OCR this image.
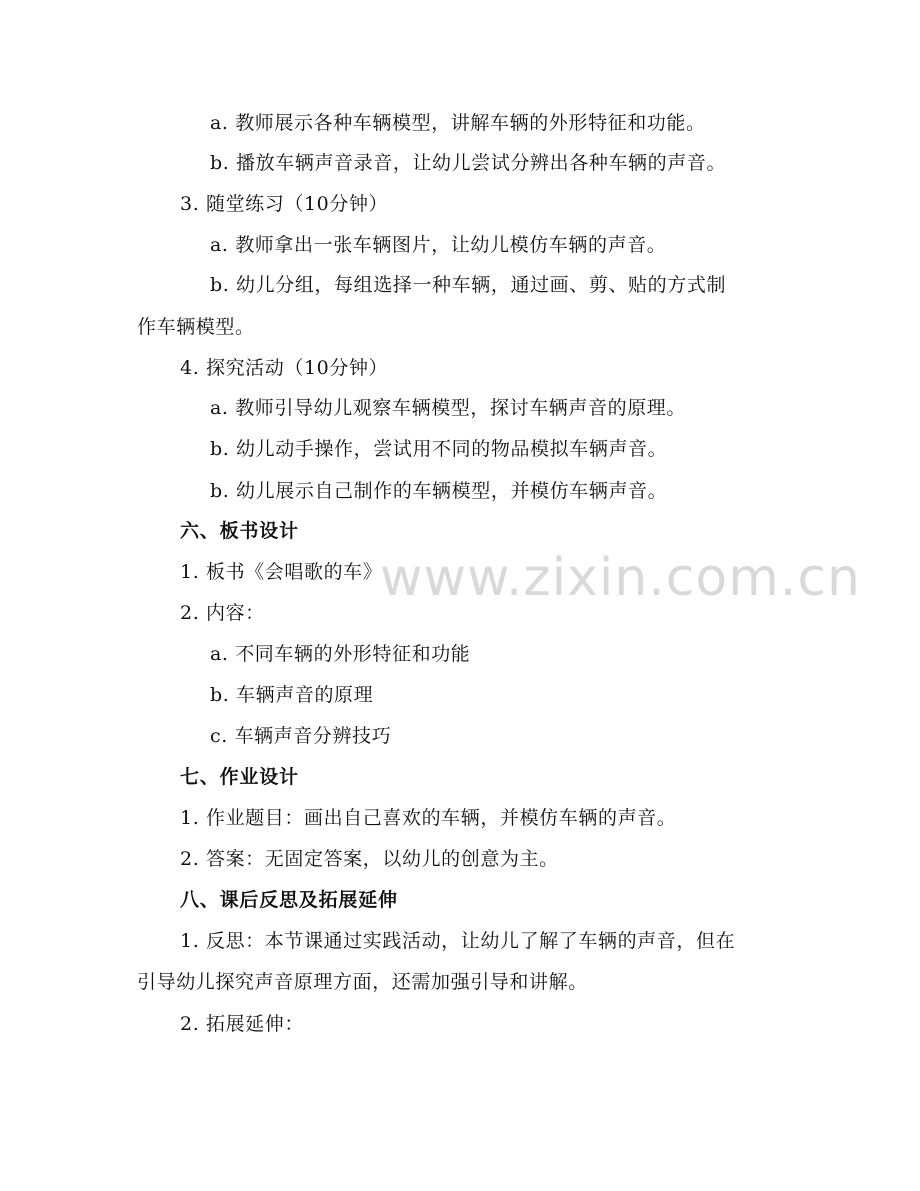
www.zixin.com.cn
a. 教师展示各种车辆模型，讲解车辆的外形特征和功能。
b. 播放车辆声音录音，让幼儿尝试分辨出各种车辆的声音。
3. 随堂练习（10分钟）
a. 教师拿出一张车辆图片，让幼儿模仿车辆的声音。
b. 幼儿分组，每组选择一种车辆，通过画、剪、贴的方式制
作车辆模型。
4. 探究活动（10分钟）
a. 教师引导幼儿观察车辆模型，探讨车辆声音的原理。
b. 幼儿动手操作，尝试用不同的物品模拟车辆声音。
b. 幼儿展示自己制作的车辆模型，并模仿车辆声音。
六、板书设计
1. 板书《会唱歌的车》
2. 内容：
a. 不同车辆的外形特征和功能
b. 车辆声音的原理
c. 车辆声音分辨技巧
七、作业设计
1. 作业题目：画出自己喜欢的车辆，并模仿车辆的声音。
2. 答案：无固定答案，以幼儿的创意为主。
八、课后反思及拓展延伸
1. 反思：本节课通过实践活动，让幼儿了解了车辆的声音，但在
引导幼儿探究声音原理方面，还需加强引导和讲解。
2. 拓展延伸：
